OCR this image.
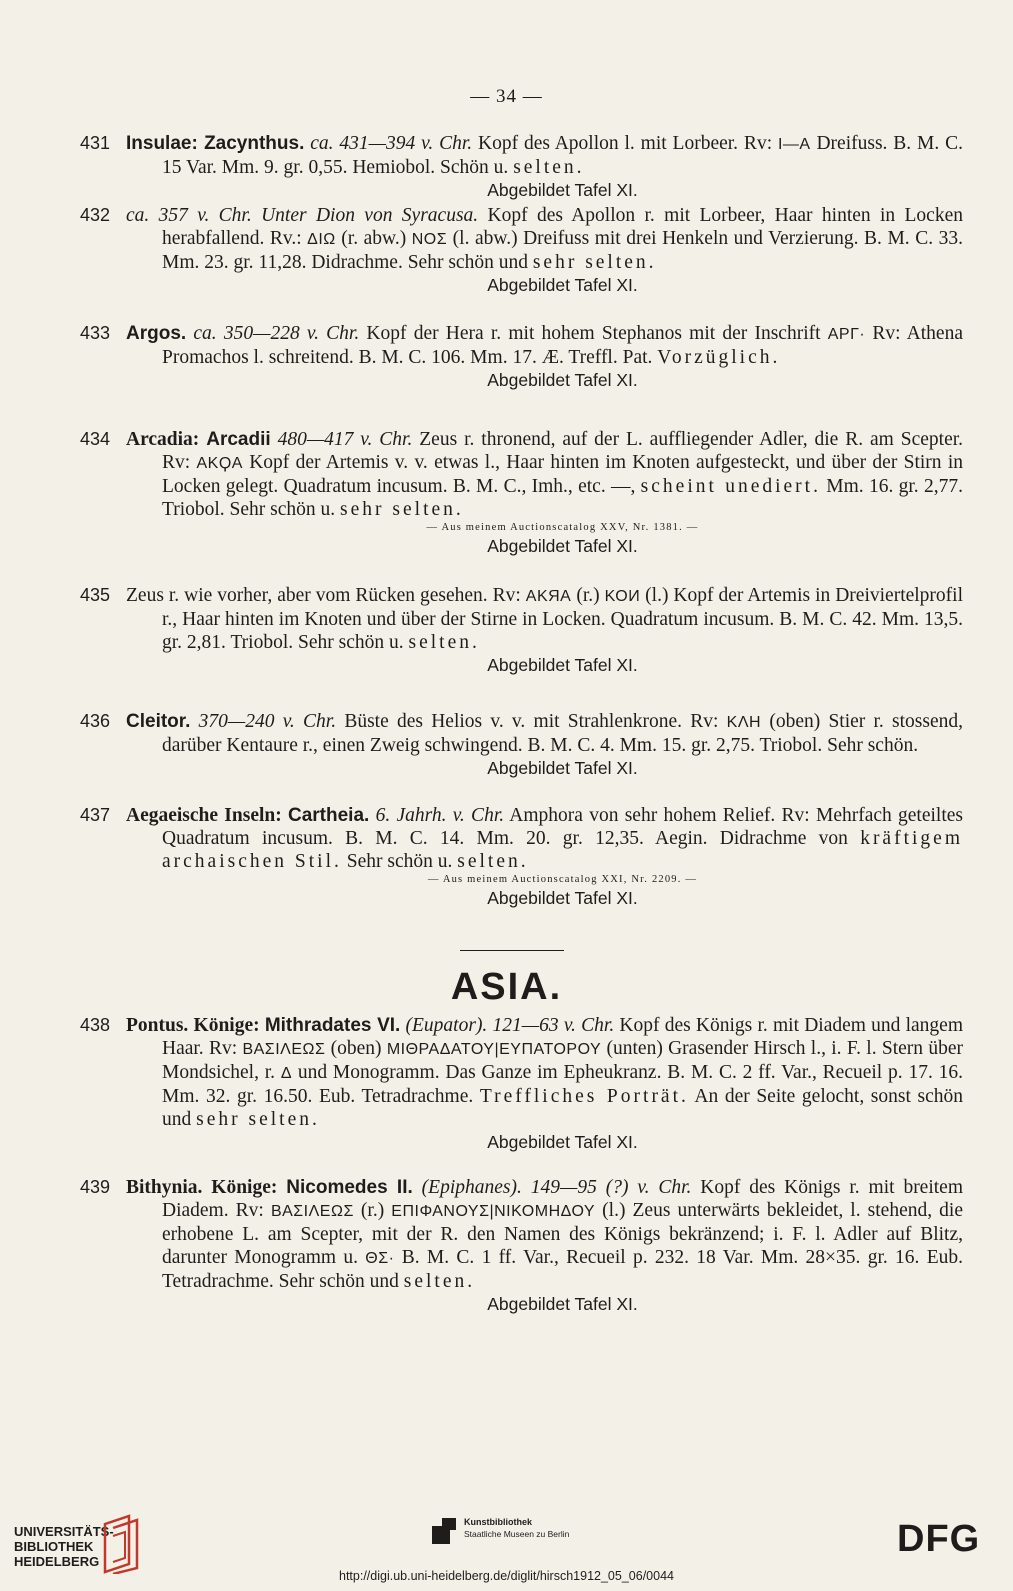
— 34 —
431 Insulae: Zacynthus. ca. 431—394 v. Chr. Kopf des Apollon l. mit Lorbeer. Rv: I—A Dreifuss. B. M. C. 15 Var. Mm. 9. gr. 0,55. Hemiobol. Schön u. selten.

Abgebildet Tafel XI.
432 ca. 357 v. Chr. Unter Dion von Syracusa. Kopf des Apollon r. mit Lorbeer, Haar hinten in Locken herabfallend. Rv.: ΔΙΩ (r. abw.) ΝΟΣ (l. abw.) Dreifuss mit drei Henkeln und Verzierung. B. M. C. 33. Mm. 23. gr. 11,28. Didrachme. Sehr schön und sehr selten.

Abgebildet Tafel XI.
433 Argos. ca. 350—228 v. Chr. Kopf der Hera r. mit hohem Stephanos mit der Inschrift ΑΡΓ· Rv: Athena Promachos l. schreitend. B. M. C. 106. Mm. 17. Æ. Treffl. Pat. Vorzüglich.

Abgebildet Tafel XI.
434 Arcadia: Arcadii 480—417 v. Chr. Zeus r. thronend, auf der L. auffliegender Adler, die R. am Scepter. Rv: ΑΚϘΑ Kopf der Artemis v. v. etwas l., Haar hinten im Knoten aufgesteckt, und über der Stirn in Locken gelegt. Quadratum incusum. B. M. C., Imh., etc. —, scheint unediert. Mm. 16. gr. 2,77. Triobol. Sehr schön u. sehr selten.

— Aus meinem Auctionscatalog XXV, Nr. 1381. —
Abgebildet Tafel XI.
435 Zeus r. wie vorher, aber vom Rücken gesehen. Rv: ΑΚЯΑ (r.) ΚΟИ (l.) Kopf der Artemis in Dreiviertelprofil r., Haar hinten im Knoten und über der Stirne in Locken. Quadratum incusum. B. M. C. 42. Mm. 13,5. gr. 2,81. Triobol. Sehr schön u. selten.

Abgebildet Tafel XI.
436 Cleitor. 370—240 v. Chr. Büste des Helios v. v. mit Strahlenkrone. Rv: ΚΛΗ (oben) Stier r. stossend, darüber Kentaure r., einen Zweig schwingend. B. M. C. 4. Mm. 15. gr. 2,75. Triobol. Sehr schön.

Abgebildet Tafel XI.
437 Aegaeische Inseln: Cartheia. 6. Jahrh. v. Chr. Amphora von sehr hohem Relief. Rv: Mehrfach geteiltes Quadratum incusum. B. M. C. 14. Mm. 20. gr. 12,35. Aegin. Didrachme von kräftigem archaischen Stil. Sehr schön u. selten.

— Aus meinem Auctionscatalog XXI, Nr. 2209. —
Abgebildet Tafel XI.
ASIA.
438 Pontus. Könige: Mithradates VI. (Eupator). 121—63 v. Chr. Kopf des Königs r. mit Diadem und langem Haar. Rv: ΒΑΣΙΛΕΩΣ (oben) ΜΙΘΡΑΔΑΤΟΥ|ΕΥΠΑΤΟΡΟΥ (unten) Grasender Hirsch l., i. F. l. Stern über Mondsichel, r. Δ und Monogramm. Das Ganze im Epheukranz. B. M. C. 2 ff. Var., Recueil p. 17. 16. Mm. 32. gr. 16.50. Eub. Tetradrachme. Treffliches Porträt. An der Seite gelocht, sonst schön und sehr selten.

Abgebildet Tafel XI.
439 Bithynia. Könige: Nicomedes II. (Epiphanes). 149—95 (?) v. Chr. Kopf des Königs r. mit breitem Diadem. Rv: ΒΑΣΙΛΕΩΣ (r.) ΕΠΙΦΑΝΟΥΣ|ΝΙΚΟΜΗΔΟΥ (l.) Zeus unterwärts bekleidet, l. stehend, die erhobene L. am Scepter, mit der R. den Namen des Königs bekränzend; i. F. l. Adler auf Blitz, darunter Monogramm u. ΘΣ· B. M. C. 1 ff. Var., Recueil p. 232. 18 Var. Mm. 28×35. gr. 16. Eub. Tetradrachme. Sehr schön und selten.

Abgebildet Tafel XI.
UNIVERSITÄTS-
BIBLIOTHEK
HEIDELBERG
Kunstbibliothek
Staatliche Museen zu Berlin	DFG
http://digi.ub.uni-heidelberg.de/diglit/hirsch1912_05_06/0044
